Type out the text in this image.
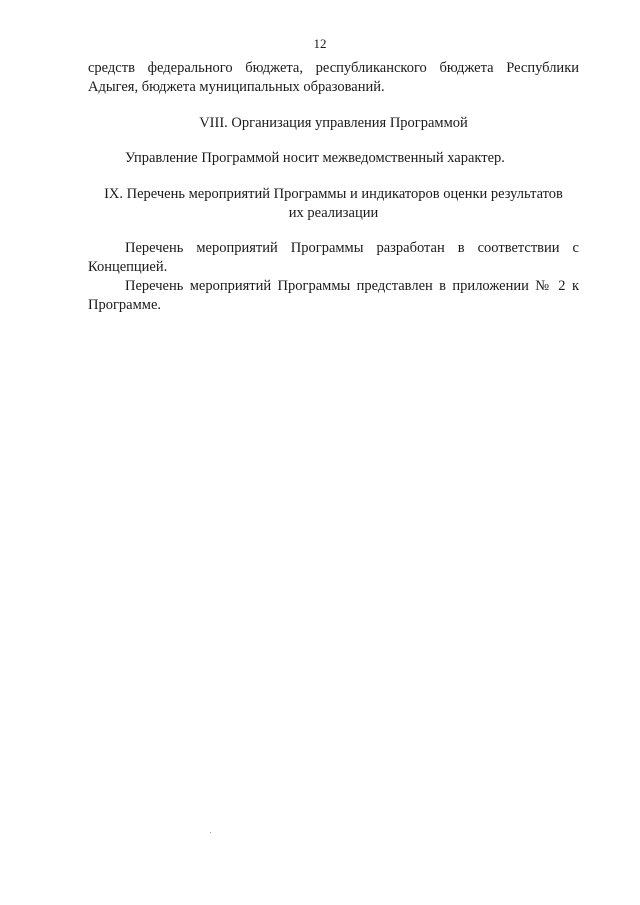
12

средств федерального бюджета, республиканского бюджета Республики

Адыгея, бюджета муниципальных образований.

VIII. Организация управления Программой

Управление Программой носит межведомственный характер.

IX. Перечень мероприятий Программы и индикаторов оценки результатов

их реализации

Перечень мероприятий Программы разработан в соответствии с

Концепцией.

Перечень мероприятий Программы представлен в приложении № 2 к

Программе.
